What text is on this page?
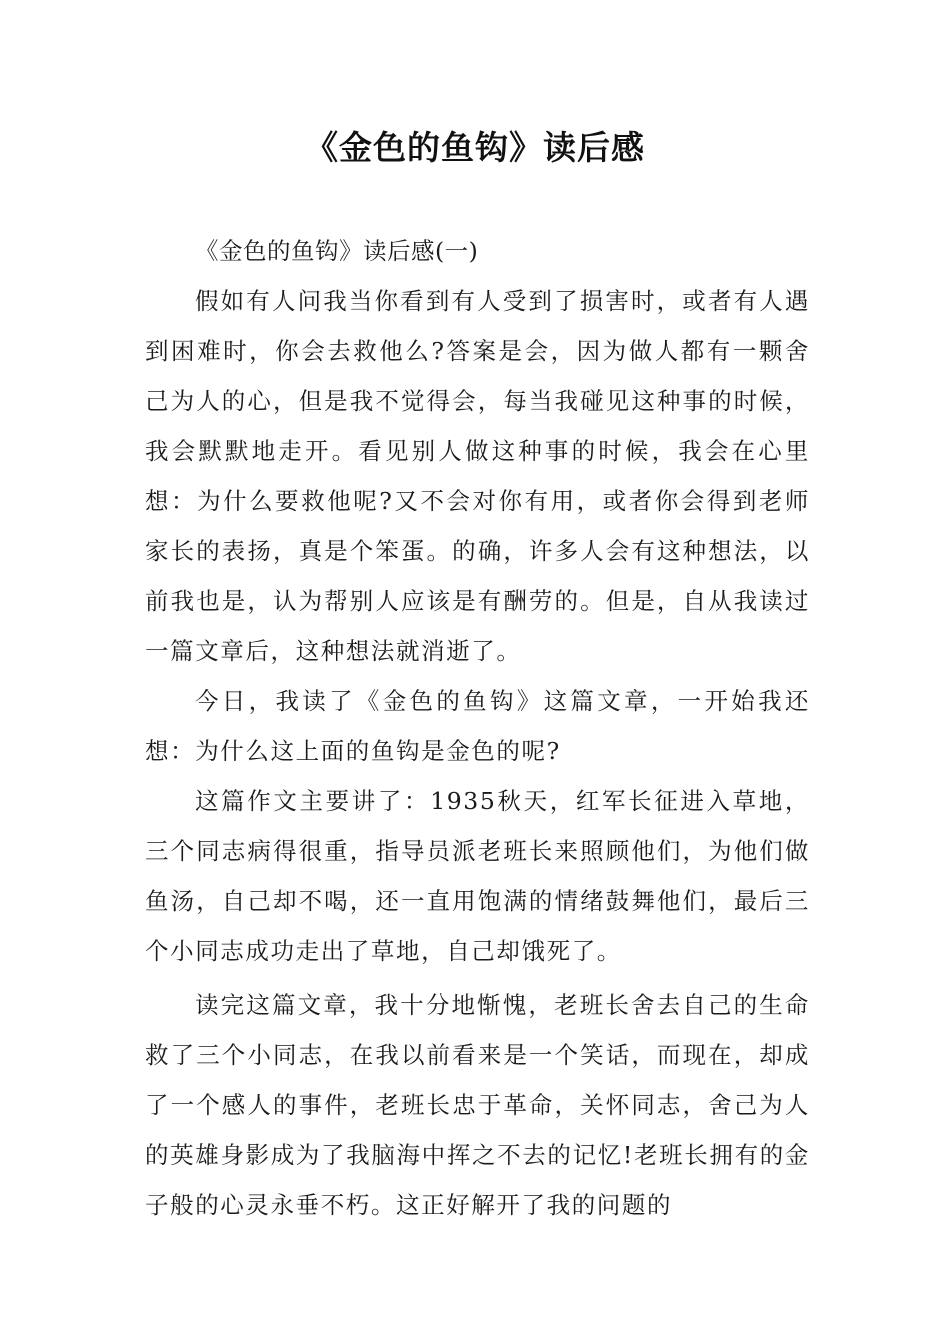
《金色的鱼钩》读后感

《金色的鱼钩》读后感(一)

假如有人问我当你看到有人受到了损害时，或者有人遇到困难时，你会去救他么?答案是会，因为做人都有一颗舍己为人的心，但是我不觉得会，每当我碰见这种事的时候，我会默默地走开。看见别人做这种事的时候，我会在心里想：为什么要救他呢?又不会对你有用，或者你会得到老师家长的表扬，真是个笨蛋。的确，许多人会有这种想法，以前我也是，认为帮别人应该是有酬劳的。但是，自从我读过一篇文章后，这种想法就消逝了。

今日，我读了《金色的鱼钩》这篇文章，一开始我还想：为什么这上面的鱼钩是金色的呢?

这篇作文主要讲了：1935秋天，红军长征进入草地，三个同志病得很重，指导员派老班长来照顾他们，为他们做鱼汤，自己却不喝，还一直用饱满的情绪鼓舞他们，最后三个小同志成功走出了草地，自己却饿死了。

读完这篇文章，我十分地惭愧，老班长舍去自己的生命救了三个小同志，在我以前看来是一个笑话，而现在，却成了一个感人的事件，老班长忠于革命，关怀同志，舍己为人的英雄身影成为了我脑海中挥之不去的记忆!老班长拥有的金子般的心灵永垂不朽。这正好解开了我的问题的
